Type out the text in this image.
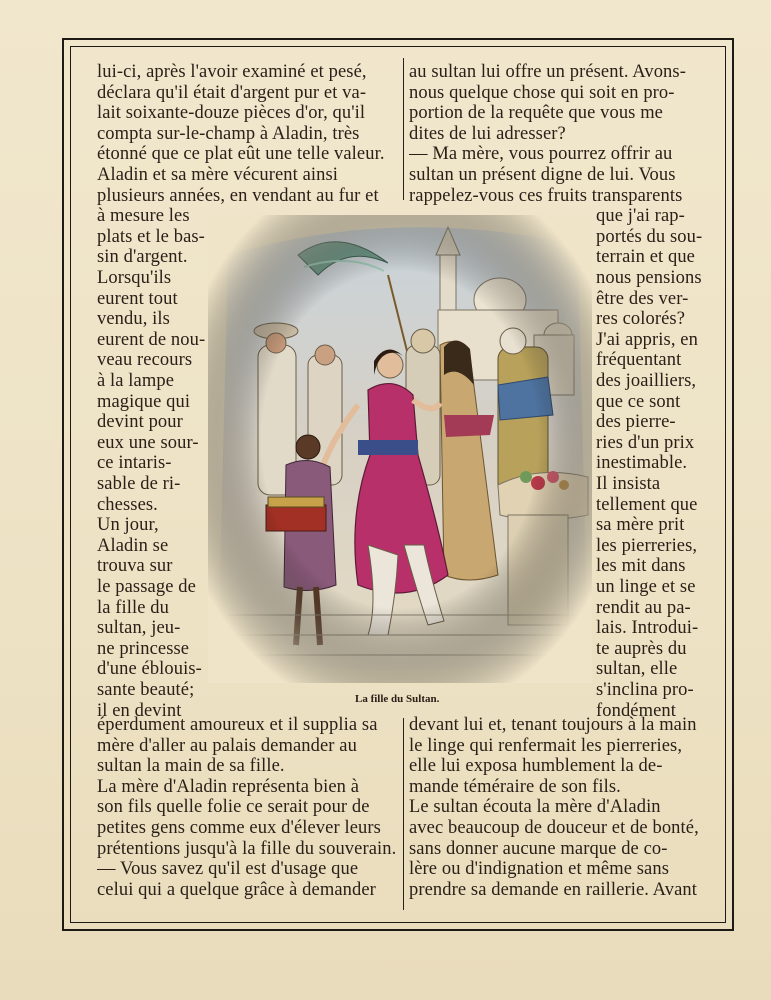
lui-ci, après l'avoir examiné et pesé,
déclara qu'il était d'argent pur et va-
lait soixante-douze pièces d'or, qu'il
compta sur-le-champ à Aladin, très
étonné que ce plat eût une telle valeur.
Aladin et sa mère vécurent ainsi
plusieurs années, en vendant au fur et
à mesure les
plats et le bas-
sin d'argent.
Lorsqu'ils
eurent tout
vendu, ils
eurent de nou-
veau recours
à la lampe
magique qui
devint pour
eux une sour-
ce intaris-
sable de ri-
chesses.
Un jour,
Aladin se
trouva sur
le passage de
la fille du
sultan, jeu-
ne princesse
d'une éblouis-
sante beauté;
il en devint
éperdument amoureux et il supplia sa
mère d'aller au palais demander au
sultan la main de sa fille.
La mère d'Aladin représenta bien à
son fils quelle folie ce serait pour de
petites gens comme eux d'élever leurs
prétentions jusqu'à la fille du souverain.
— Vous savez qu'il est d'usage que
celui qui a quelque grâce à demander
au sultan lui offre un présent. Avons-
nous quelque chose qui soit en pro-
portion de la requête que vous me
dites de lui adresser?
— Ma mère, vous pourrez offrir au
sultan un présent digne de lui. Vous
rappelez-vous ces fruits transparents
que j'ai rap-
portés du sou-
terrain et que
nous pensions
être des ver-
res colorés?
J'ai appris, en
fréquentant
des joailliers,
que ce sont
des pierre-
ries d'un prix
inestimable.
Il insista
tellement que
sa mère prit
les pierreries,
les mit dans
un linge et se
rendit au pa-
lais. Introdui-
te auprès du
sultan, elle
s'inclina pro-
fondément
devant lui et, tenant toujours à la main
le linge qui renfermait les pierreries,
elle lui exposa humblement la de-
mande téméraire de son fils.
Le sultan écouta la mère d'Aladin
avec beaucoup de douceur et de bonté,
sans donner aucune marque de co-
lère ou d'indignation et même sans
prendre sa demande en raillerie. Avant
La fille du Sultan.
